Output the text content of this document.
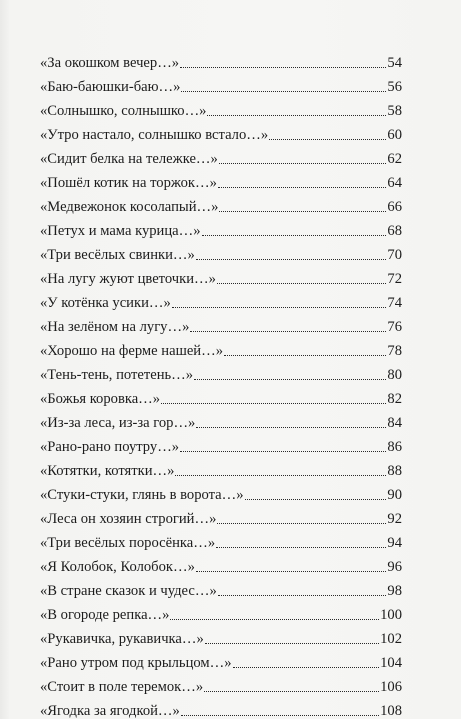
«За окошком вечер…»	54
«Баю-баюшки-баю…»	56
«Солнышко, солнышко…»	58
«Утро настало, солнышко встало…»	60
«Сидит белка на тележке…»	62
«Пошёл котик на торжок…»	64
«Медвежонок косолапый…»	66
«Петух и мама курица…»	68
«Три весёлых свинки…»	70
«На лугу жуют цветочки…»	72
«У котёнка усики…»	74
«На зелёном на лугу…»	76
«Хорошо на ферме нашей…»	78
«Тень-тень, потетень…»	80
«Божья коровка…»	82
«Из-за леса, из-за гор…»	84
«Рано-рано поутру…»	86
«Котятки, котятки…»	88
«Стуки-стуки, глянь в ворота…»	90
«Леса он хозяин строгий…»	92
«Три весёлых поросёнка…»	94
«Я Колобок, Колобок…»	96
«В стране сказок и чудес…»	98
«В огороде репка…»	100
«Рукавичка, рукавичка…»	102
«Рано утром под крыльцом…»	104
«Стоит в поле теремок…»	106
«Ягодка за ягодкой…»	108
